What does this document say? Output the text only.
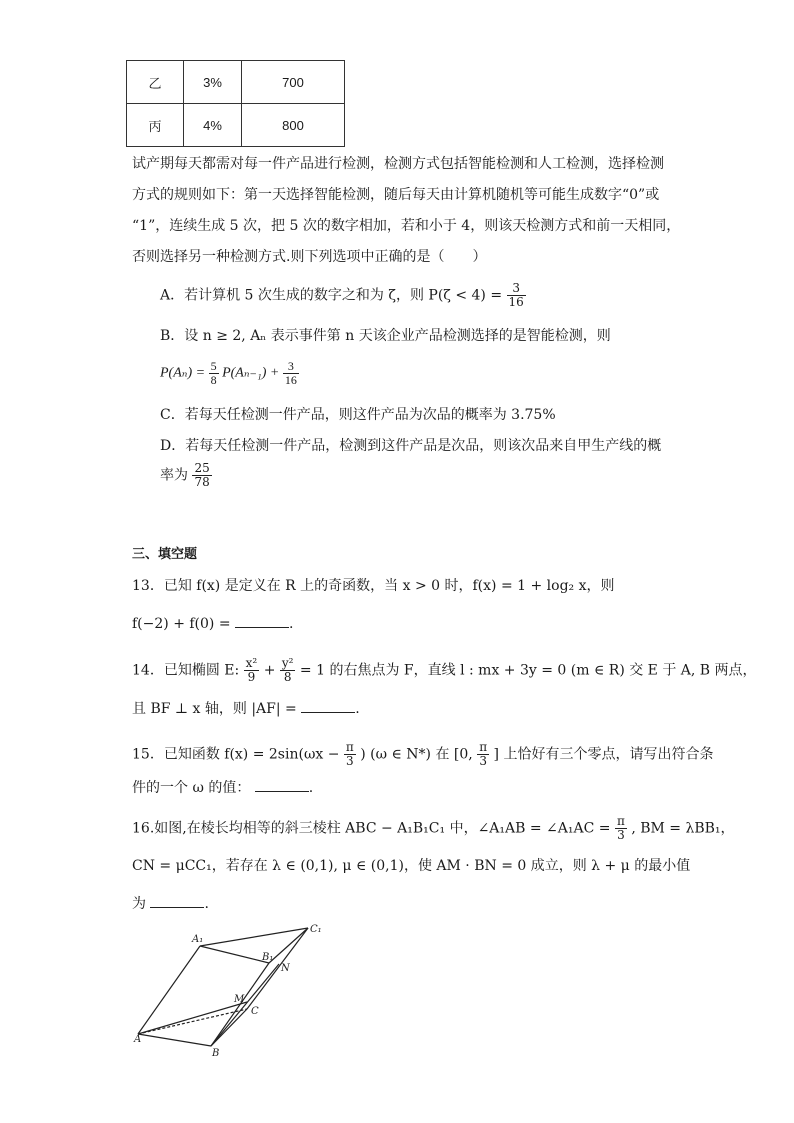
乙	3%	700
丙	4%	800
试产期每天都需对每一件产品进行检测，检测方式包括智能检测和人工检测，选择检测
方式的规则如下：第一天选择智能检测，随后每天由计算机随机等可能生成数字“0”或
“1”，连续生成 5 次，把 5 次的数字相加，若和小于 4，则该天检测方式和前一天相同，
否则选择另一种检测方式.则下列选项中正确的是（　　）
A．若计算机 5 次生成的数字之和为 ζ，则 $P(\zeta < 4) = \frac{3}{16}$
B．设 n ≥ 2, Aₙ 表示事件第 n 天该企业产品检测选择的是智能检测，则
$P(A_n) = \frac{5}{8} P(A_{n-1}) + \frac{3}{16}$
C．若每天任检测一件产品，则这件产品为次品的概率为 3.75%
D．若每天任检测一件产品，检测到这件产品是次品，则该次品来自甲生产线的概
率为 $\frac{25}{78}$
三、填空题
13．已知 f(x) 是定义在 R 上的奇函数，当 x > 0 时，f(x) = 1 + log₂ x，则
f(−2) + f(0) =	.
14．已知椭圆 E: $\frac{\text{x²}}{9} + \frac{\text{y²}}{8} = 1$ 的右焦点为 F，直线 l : mx + 3y = 0 (m ∈ R) 交 E 于 A, B 两点，
且 BF ⊥ x 轴，则 |AF| =	.
15．已知函数 $f(x) = 2\sin(\omega x - \frac{\pi}{3}$ ) (ω ∈ N*) 在 [0, $\frac{\pi}{3}$ ] 上恰好有三个零点，请写出符合条
件的一个 ω 的值：	.
16.如图,在棱长均相等的斜三棱柱 ABC − A₁B₁C₁ 中，∠A₁AB = ∠A₁AC = $\frac{\pi}{3}$ , BM = λBB₁，
CN = μCC₁，若存在 λ ∈ (0,1), μ ∈ (0,1)，使 AM · BN = 0 成立，则 λ + μ 的最小值
为	.
A₁
C₁
B₁
N
M
C
A
B
